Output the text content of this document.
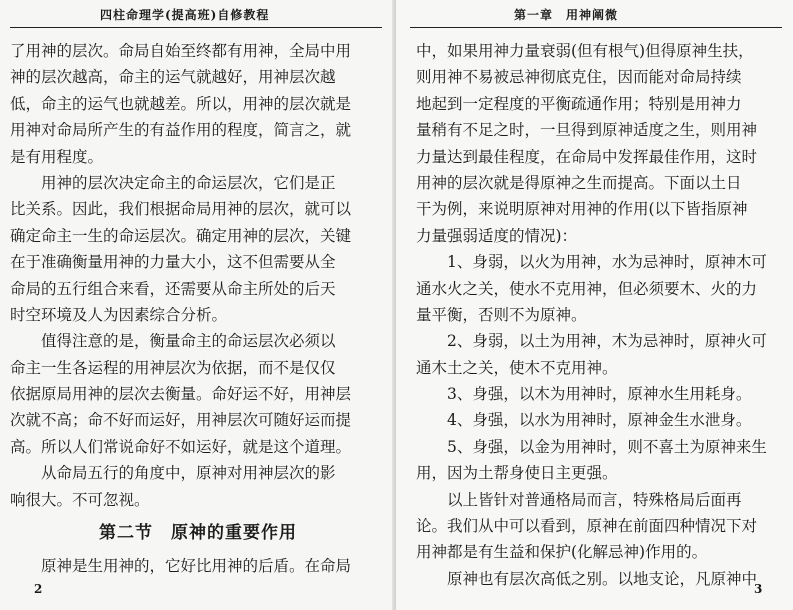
四柱命理学(提高班)自修教程
了用神的层次。命局自始至终都有用神，全局中用
神的层次越高，命主的运气就越好，用神层次越
低，命主的运气也就越差。所以，用神的层次就是
用神对命局所产生的有益作用的程度，简言之，就
是有用程度。
用神的层次决定命主的命运层次，它们是正
比关系。因此，我们根据命局用神的层次，就可以
确定命主一生的命运层次。确定用神的层次，关键
在于准确衡量用神的力量大小，这不但需要从全
命局的五行组合来看，还需要从命主所处的后天
时空环境及人为因素综合分析。
值得注意的是，衡量命主的命运层次必须以
命主一生各运程的用神层次为依据，而不是仅仅
依据原局用神的层次去衡量。命好运不好，用神层
次就不高；命不好而运好，用神层次可随好运而提
高。所以人们常说命好不如运好，就是这个道理。
从命局五行的角度中，原神对用神层次的影
响很大。不可忽视。
第二节　原神的重要作用
原神是生用神的，它好比用神的后盾。在命局
2
第一章　用神阐微
中，如果用神力量衰弱(但有根气)但得原神生扶，
则用神不易被忌神彻底克住，因而能对命局持续
地起到一定程度的平衡疏通作用；特别是用神力
量稍有不足之时，一旦得到原神适度之生，则用神
力量达到最佳程度，在命局中发挥最佳作用，这时
用神的层次就是得原神之生而提高。下面以土日
干为例，来说明原神对用神的作用(以下皆指原神
力量强弱适度的情况)：
1、身弱，以火为用神，水为忌神时，原神木可
通水火之关，使水不克用神，但必须要木、火的力
量平衡，否则不为原神。
2、身弱，以土为用神，木为忌神时，原神火可
通木土之关，使木不克用神。
3、身强，以木为用神时，原神水生用耗身。
4、身强，以水为用神时，原神金生水泄身。
5、身强，以金为用神时，则不喜土为原神来生
用，因为土帮身使日主更强。
以上皆针对普通格局而言，特殊格局后面再
论。我们从中可以看到，原神在前面四种情况下对
用神都是有生益和保护(化解忌神)作用的。
原神也有层次高低之别。以地支论，凡原神中
3
